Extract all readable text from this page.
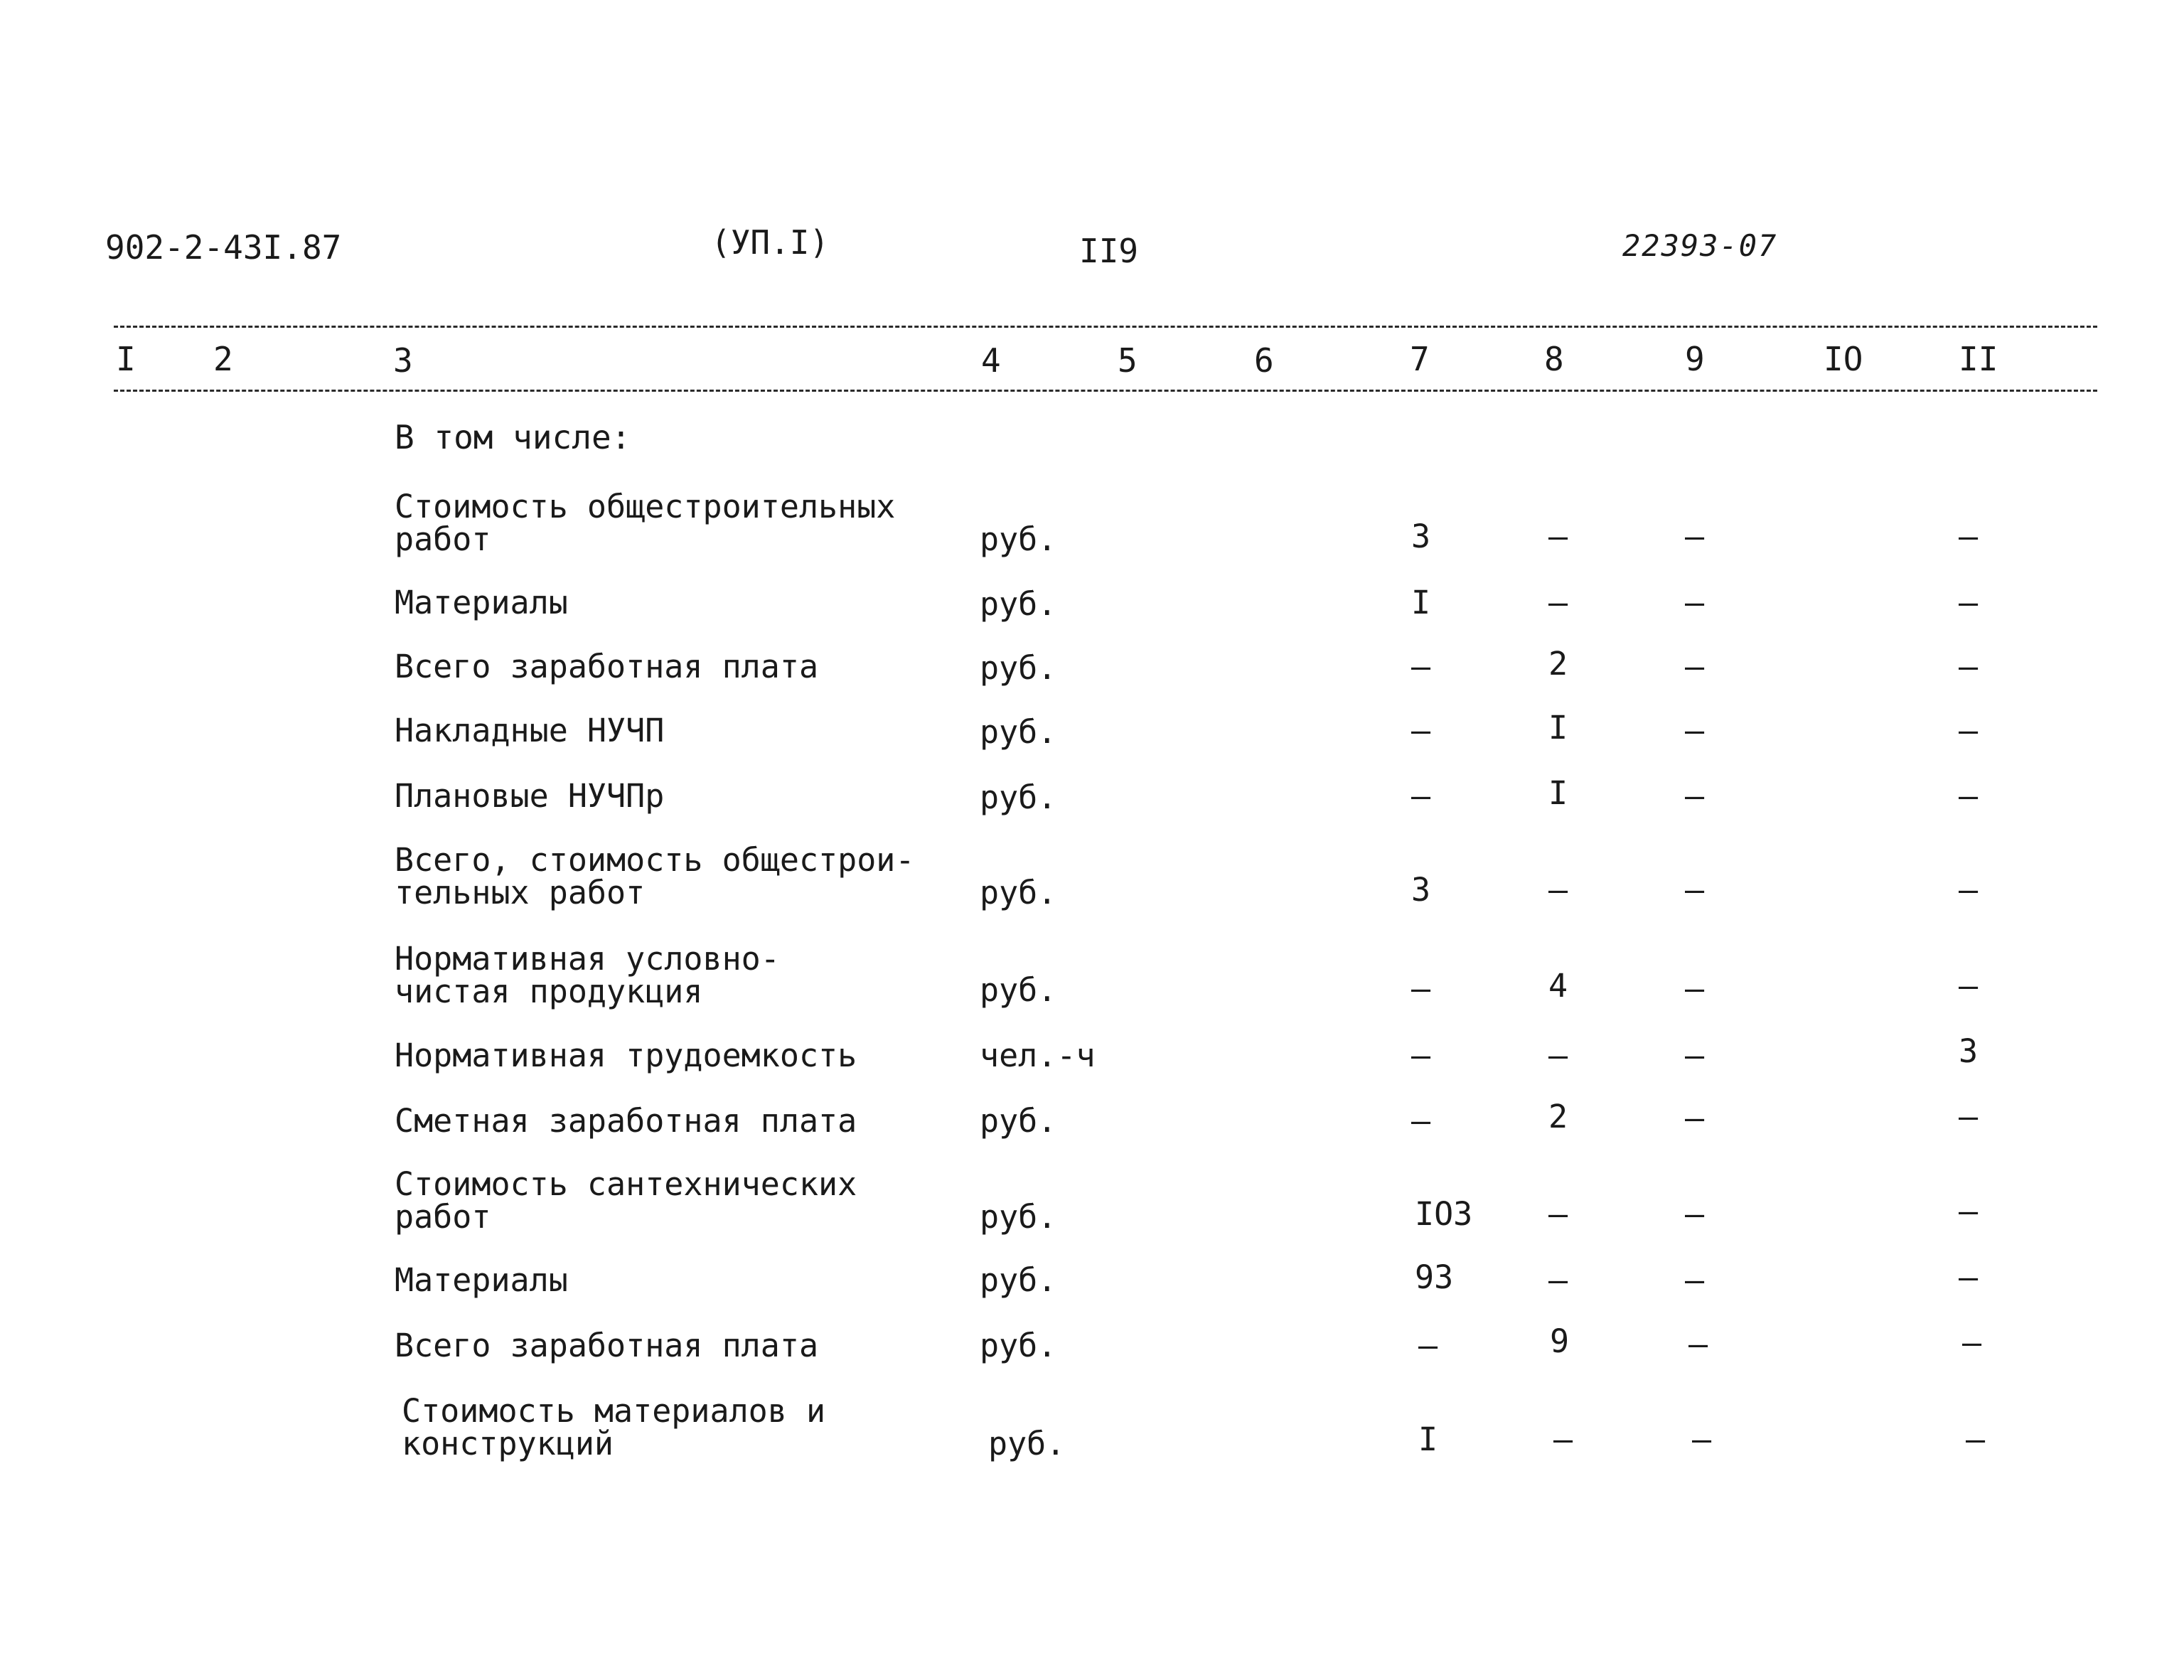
902-2-43I.87	(УП.I)	II9	22393-07
I 2	3	4	5	6	7	8	9	IO	II
В том числе:
Стоимость общестроительных
работ	руб.	3	–	–	–
Материалы	руб.	I	–	–	–
Всего заработная плата	руб.	–	2	–	–
Накладные НУЧП	руб.	–	I	–	–
Плановые НУЧПр	руб.	–	I	–	–
Всего, стоимость общестрои-
тельных работ	руб.	3	–	–	–
Нормативная условно-
чистая продукция	руб.	–	4	–	–
Нормативная трудоемкость	чел.-ч	–	–	–	3
Сметная заработная плата	руб.	–	2	–	–
Стоимость сантехнических
работ	руб.	IO3 –	–	–
Материалы	руб.	93	–	–	–
Всего заработная плата	руб.	–	9	–	–
Стоимость материалов и
конструкций	руб.	I	–	–	–
